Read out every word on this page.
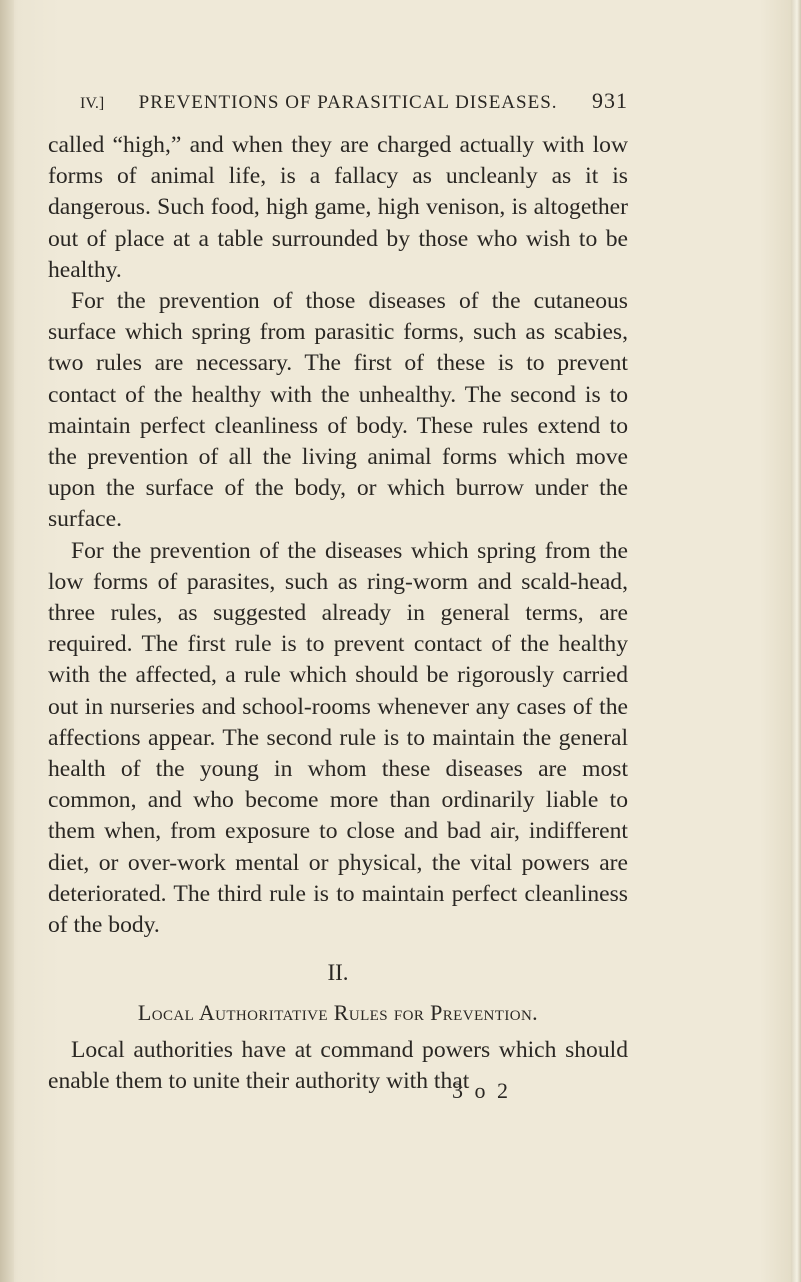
IV.] PREVENTIONS OF PARASITICAL DISEASES. 931

called “high,” and when they are charged actually with low forms of animal life, is a fallacy as uncleanly as it is dangerous. Such food, high game, high venison, is altogether out of place at a table surrounded by those who wish to be healthy.

For the prevention of those diseases of the cutaneous surface which spring from parasitic forms, such as scabies, two rules are necessary. The first of these is to prevent contact of the healthy with the unhealthy. The second is to maintain perfect cleanliness of body. These rules extend to the prevention of all the living animal forms which move upon the surface of the body, or which burrow under the surface.

For the prevention of the diseases which spring from the low forms of parasites, such as ring-worm and scald-head, three rules, as suggested already in general terms, are required. The first rule is to prevent contact of the healthy with the affected, a rule which should be rigorously carried out in nurseries and school-rooms whenever any cases of the affections appear. The second rule is to maintain the general health of the young in whom these diseases are most common, and who become more than ordinarily liable to them when, from exposure to close and bad air, indifferent diet, or over-work mental or physical, the vital powers are deteriorated. The third rule is to maintain perfect cleanliness of the body.

II.
Local Authoritative Rules for Prevention.

Local authorities have at command powers which should enable them to unite their authority with that

3 o 2
